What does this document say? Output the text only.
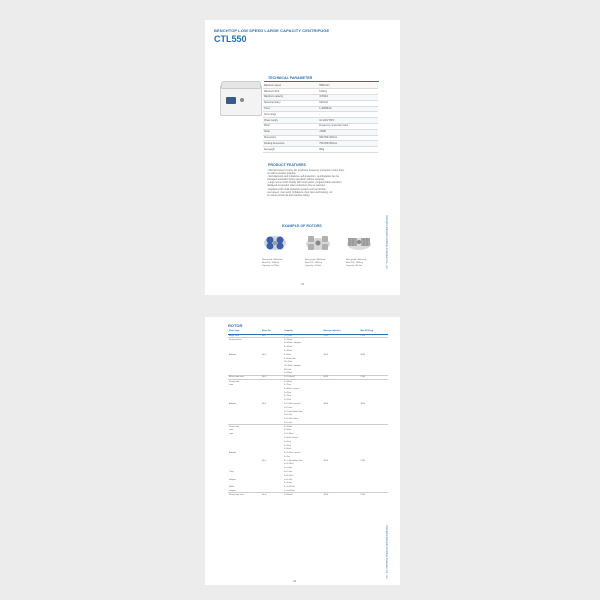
BENCHTOP LOW SPEED LARGE CAPACITY CENTRIFUGE
CTL550
TECHNICAL PARAMETER
Maximum speed	5500r/min
Maximum RCF	5120×g
Maximum capacity	4×500ml
Speed accuracy	±20r/min
Timer	1~99h59min
Temp range	-
Power supply	AC 220V 50Hz
Motor	Frequency conversion motor
Noise	≤65dB
Dimensions	660×560×400mm
Packing dimensions	750×650×500mm
Net weight	86kg
PRODUCT FEATURES
- Microprocessor control, AC brushless frequency conversion motor drive,
no carbon powder pollution.
- Self-diagnosis and imbalance self-protection, centrifugation can be
managed automatic during operation without stopping.
- Large-screen LCD display with touch panel, programmable operation
displayed to operator when customers time is selected.
- Equipped with multi-protection system such as lid lock,
over-speed, over-temp, imbalance, door open self-locking, etc
to ensure personnel and machine safety.
EXAMPLE OF ROTORS
Max speed: 4000r/min
Max RCF: 3080×g
Capacity: 4×250ml
Max speed: 4000r/min
Max RCF: 2860×g
Capacity: 4×50ml
Max speed: 4000r/min
Max RCF: 2860×g
Capacity: 48×5ml
22
Changsha Xiangzhi Centrifuge Instrument Co., Ltd.
ROTOR
Rotor type	Rotor No.	Capacity	Max speed(r/min)	Max RCF(×g)
Angle rotor	No.1	12×15ml	5500	5120
Swing bucket		4×750ml		
		4×500ml / adapter		
		4×250ml		
		4×100ml		
Adapter	No.2	4×50ml	4000	3080
		4×50ml tube		
		16×15ml		
		32×10ml / adapter		
		48×5ml		
		4×250ml		
Micro plate rotor	No.3	2×2×96well	4000	2390
Swing tube		4×100ml		
rotor		4×75ml		
		4×50ml / conical		
		4×20ml		
		4×15ml		
		4×10ml		
Adapter	No.4	4×2×15ml conical	4000	3000
		4×2×5ml		
		4×7×5ml blood tube		
		4×4×7ml		
		4×4×10ml tube		
		4×5×7ml		
Swing tube		4×100ml		
rotor		4×50ml		
rotor		4×2×50ml		
		4×50ml conical		
		4×20ml		
		4×15ml		
		4×10ml		
Adapter		4×2×15ml conical		
		4×7ml		
	No.5	4×7×5ml blood tube	4000	3120
		4×4×10ml		
		4×4×5ml		
Tube		8×2×5ml		
		4×4×10ml		
adapter		4×4×7ml		
		4×4×5ml		
Bottle		4×1×250ml		
adapter		4×1×100ml		
Micro plate rotor	No.6	2×96well	4000	2100
23
Changsha Xiangzhi Centrifuge Instrument Co., Ltd.
